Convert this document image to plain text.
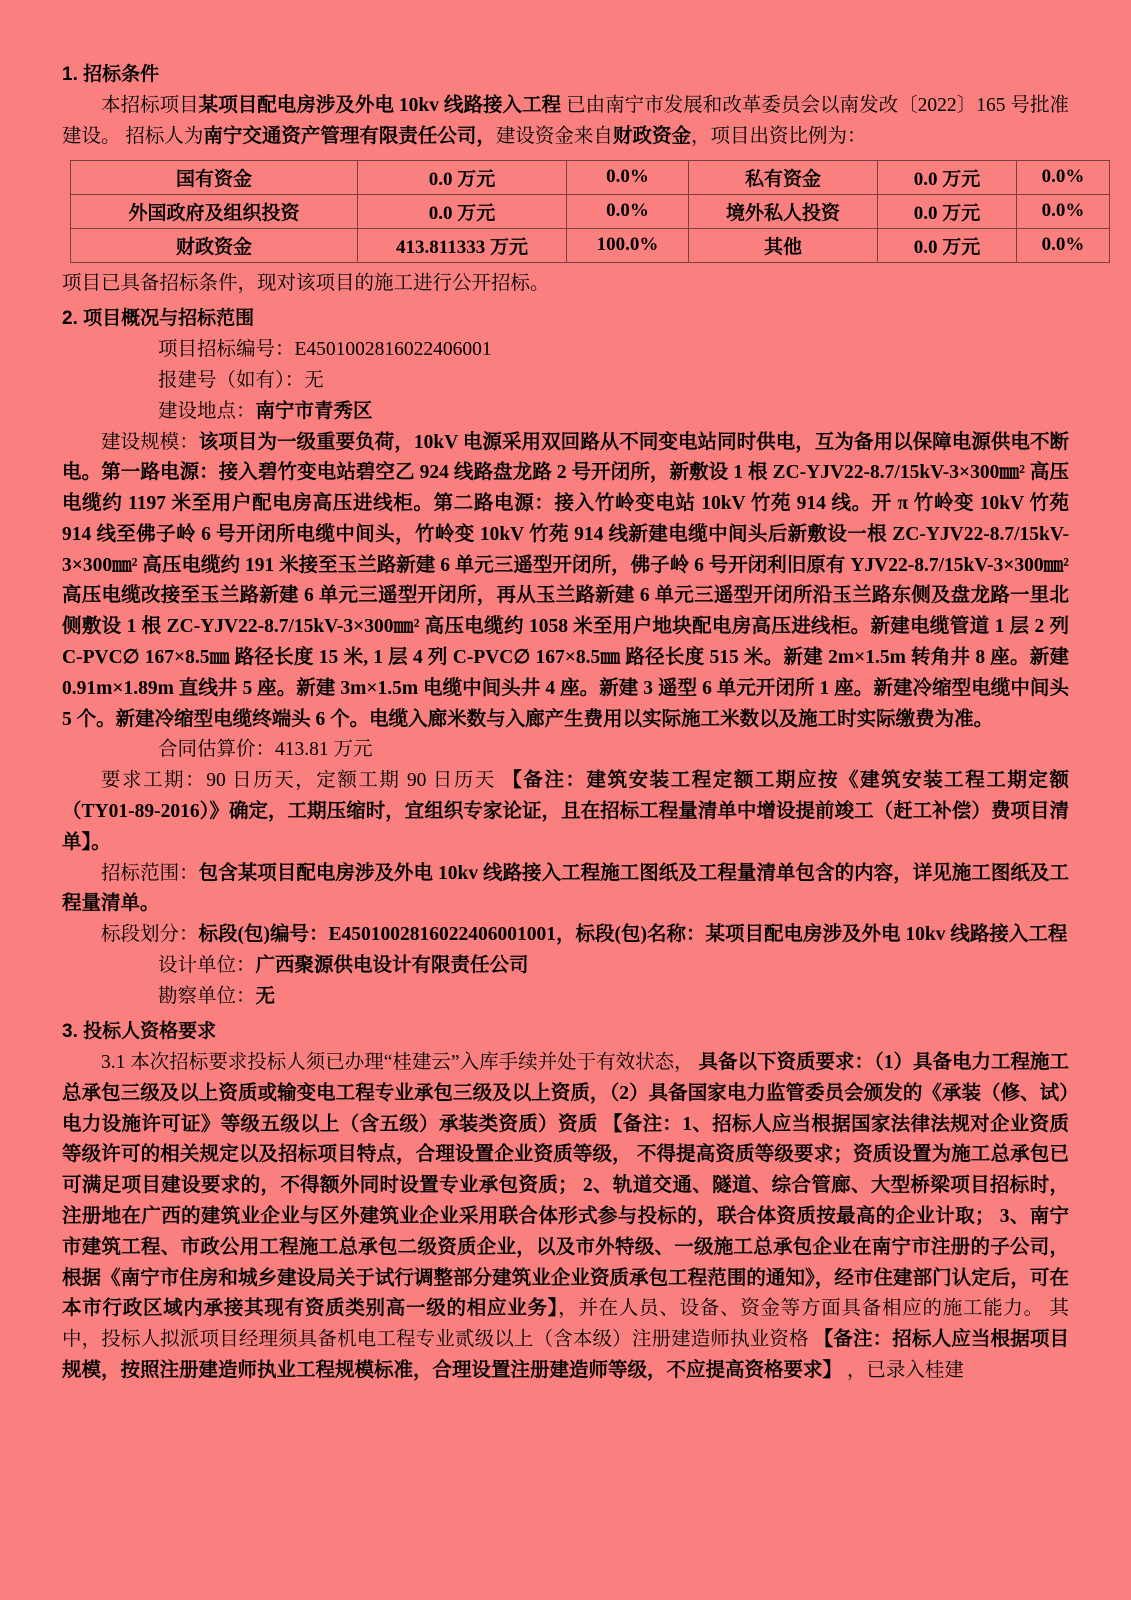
1. 招标条件

本招标项目某项目配电房涉及外电 10kv 线路接入工程 已由南宁市发展和改革委员会以南发改〔2022〕165 号批准建设。 招标人为南宁交通资产管理有限责任公司，建设资金来自财政资金，项目出资比例为：

国有资金	0.0 万元	0.0%	私有资金	0.0 万元	0.0%
外国政府及组织投资	0.0 万元	0.0%	境外私人投资	0.0 万元	0.0%
财政资金	413.811333 万元	100.0%	其他	0.0 万元	0.0%

项目已具备招标条件，现对该项目的施工进行公开招标。

2. 项目概况与招标范围

项目招标编号：E4501002816022406001

报建号（如有）：无

建设地点：南宁市青秀区

建设规模：该项目为一级重要负荷，10kV 电源采用双回路从不同变电站同时供电，互为备用以保障电源供电不断电。第一路电源：接入碧竹变电站碧空乙 924 线路盘龙路 2 号开闭所，新敷设 1 根 ZC-YJV22-8.7/15kV-3×300㎜² 高压电缆约 1197 米至用户配电房高压进线柜。第二路电源：接入竹岭变电站 10kV 竹苑 914 线。开 π 竹岭变 10kV 竹苑 914 线至佛子岭 6 号开闭所电缆中间头，竹岭变 10kV 竹苑 914 线新建电缆中间头后新敷设一根 ZC-YJV22-8.7/15kV-3×300㎜² 高压电缆约 191 米接至玉兰路新建 6 单元三遥型开闭所，佛子岭 6 号开闭利旧原有 YJV22-8.7/15kV-3×300㎜² 高压电缆改接至玉兰路新建 6 单元三遥型开闭所，再从玉兰路新建 6 单元三遥型开闭所沿玉兰路东侧及盘龙路一里北侧敷设 1 根 ZC-YJV22-8.7/15kV-3×300㎜² 高压电缆约 1058 米至用户地块配电房高压进线柜。新建电缆管道 1 层 2 列 C-PVC∅ 167×8.5㎜ 路径长度 15 米, 1 层 4 列 C-PVC∅ 167×8.5㎜ 路径长度 515 米。新建 2m×1.5m 转角井 8 座。新建 0.91m×1.89m 直线井 5 座。新建 3m×1.5m 电缆中间头井 4 座。新建 3 遥型 6 单元开闭所 1 座。新建冷缩型电缆中间头 5 个。新建冷缩型电缆终端头 6 个。电缆入廊米数与入廊产生费用以实际施工米数以及施工时实际缴费为准。

合同估算价：413.81 万元

要求工期：90 日历天，定额工期 90 日历天 【备注：建筑安装工程定额工期应按《建筑安装工程工期定额（TY01-89-2016）》确定，工期压缩时，宜组织专家论证，且在招标工程量清单中增设提前竣工（赶工补偿）费项目清单】。

招标范围：包含某项目配电房涉及外电 10kv 线路接入工程施工图纸及工程量清单包含的内容，详见施工图纸及工程量清单。

标段划分：标段(包)编号：E4501002816022406001001，标段(包)名称：某项目配电房涉及外电 10kv 线路接入工程

设计单位：广西聚源供电设计有限责任公司

勘察单位：无

3. 投标人资格要求

3.1 本次招标要求投标人须已办理“桂建云”入库手续并处于有效状态， 具备以下资质要求：（1）具备电力工程施工总承包三级及以上资质或输变电工程专业承包三级及以上资质，（2）具备国家电力监管委员会颁发的《承装（修、试）电力设施许可证》等级五级以上（含五级）承装类资质）资质 【备注：1、招标人应当根据国家法律法规对企业资质等级许可的相关规定以及招标项目特点，合理设置企业资质等级， 不得提高资质等级要求；资质设置为施工总承包已可满足项目建设要求的，不得额外同时设置专业承包资质； 2、轨道交通、隧道、综合管廊、大型桥梁项目招标时，注册地在广西的建筑业企业与区外建筑业企业采用联合体形式参与投标的，联合体资质按最高的企业计取； 3、南宁市建筑工程、市政公用工程施工总承包二级资质企业，以及市外特级、一级施工总承包企业在南宁市注册的子公司，根据《南宁市住房和城乡建设局关于试行调整部分建筑业企业资质承包工程范围的通知》，经市住建部门认定后，可在本市行政区域内承接其现有资质类别高一级的相应业务】，并在人员、设备、资金等方面具备相应的施工能力。 其中，投标人拟派项目经理须具备机电工程专业贰级以上（含本级）注册建造师执业资格 【备注：招标人应当根据项目规模，按照注册建造师执业工程规模标准，合理设置注册建造师等级，不应提高资格要求】 ，已录入桂建
